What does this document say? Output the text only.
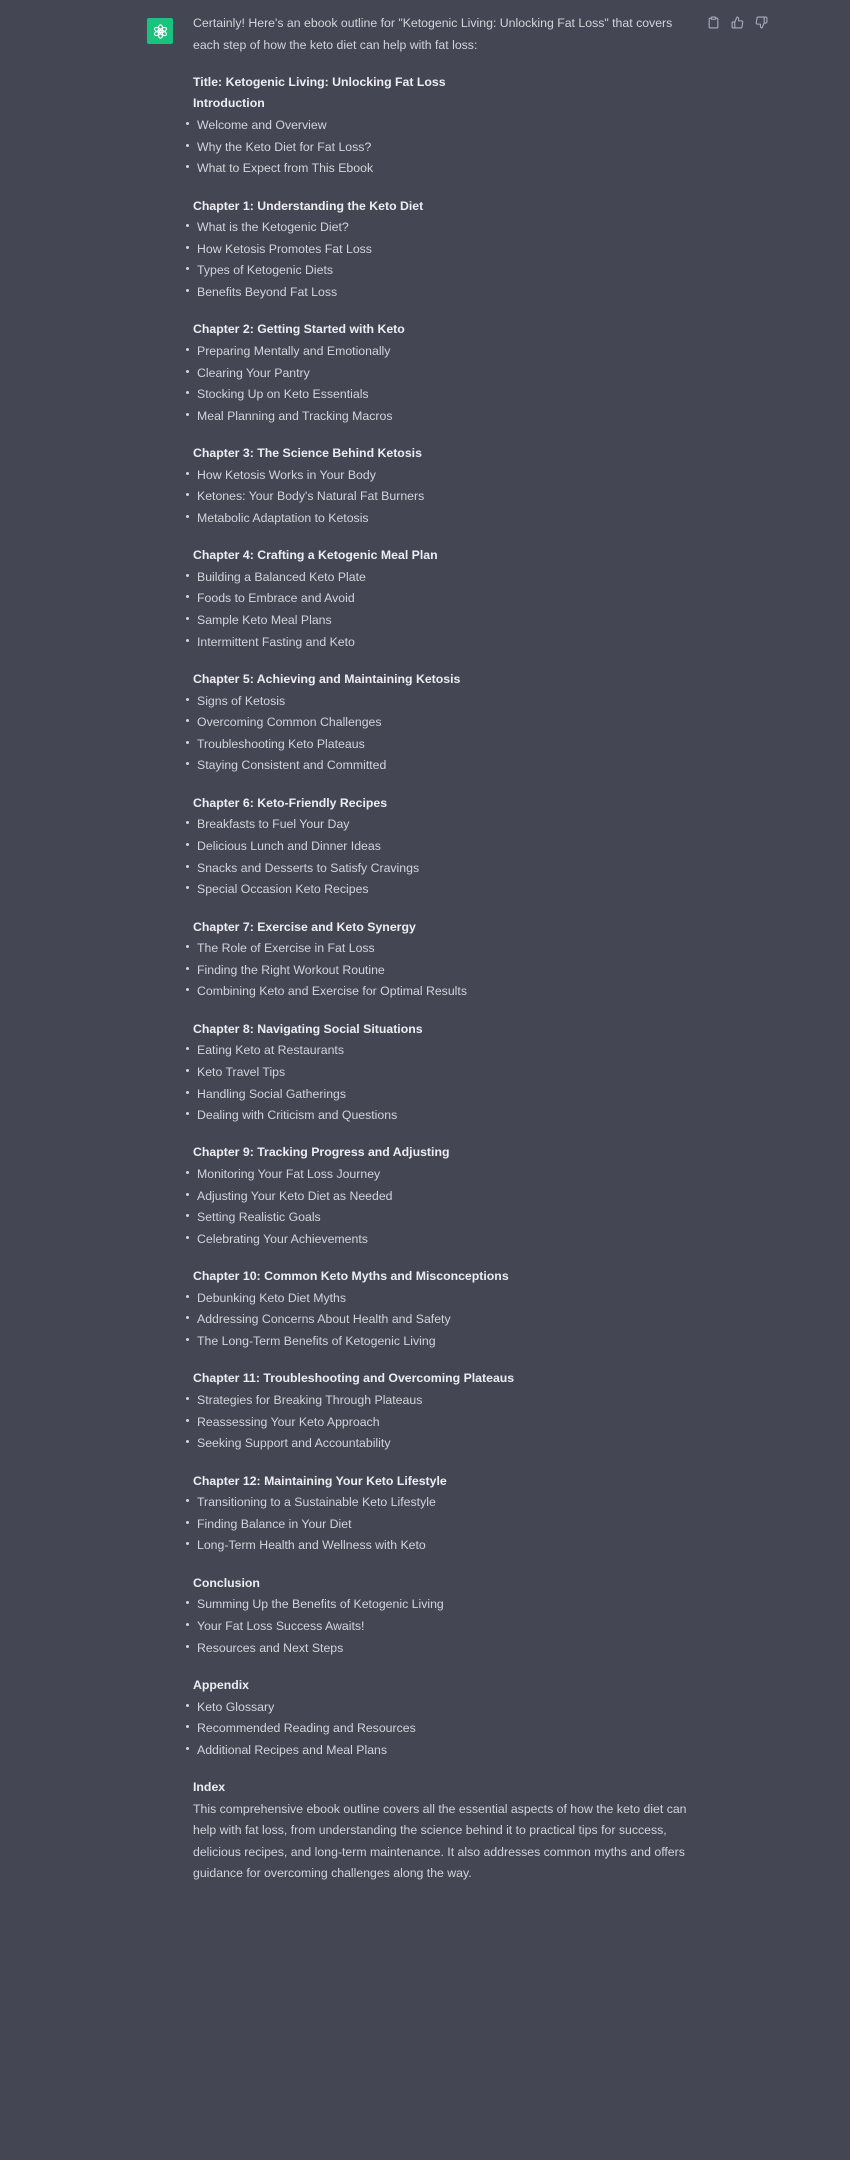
Certainly! Here's an ebook outline for "Ketogenic Living: Unlocking Fat Loss" that covers each step of how the keto diet can help with fat loss:

Title: Ketogenic Living: Unlocking Fat Loss

Introduction

Welcome and Overview
Why the Keto Diet for Fat Loss?
What to Expect from This Ebook

Chapter 1: Understanding the Keto Diet

What is the Ketogenic Diet?
How Ketosis Promotes Fat Loss
Types of Ketogenic Diets
Benefits Beyond Fat Loss

Chapter 2: Getting Started with Keto

Preparing Mentally and Emotionally
Clearing Your Pantry
Stocking Up on Keto Essentials
Meal Planning and Tracking Macros

Chapter 3: The Science Behind Ketosis

How Ketosis Works in Your Body
Ketones: Your Body's Natural Fat Burners
Metabolic Adaptation to Ketosis

Chapter 4: Crafting a Ketogenic Meal Plan

Building a Balanced Keto Plate
Foods to Embrace and Avoid
Sample Keto Meal Plans
Intermittent Fasting and Keto

Chapter 5: Achieving and Maintaining Ketosis

Signs of Ketosis
Overcoming Common Challenges
Troubleshooting Keto Plateaus
Staying Consistent and Committed

Chapter 6: Keto-Friendly Recipes

Breakfasts to Fuel Your Day
Delicious Lunch and Dinner Ideas
Snacks and Desserts to Satisfy Cravings
Special Occasion Keto Recipes

Chapter 7: Exercise and Keto Synergy

The Role of Exercise in Fat Loss
Finding the Right Workout Routine
Combining Keto and Exercise for Optimal Results

Chapter 8: Navigating Social Situations

Eating Keto at Restaurants
Keto Travel Tips
Handling Social Gatherings
Dealing with Criticism and Questions

Chapter 9: Tracking Progress and Adjusting

Monitoring Your Fat Loss Journey
Adjusting Your Keto Diet as Needed
Setting Realistic Goals
Celebrating Your Achievements

Chapter 10: Common Keto Myths and Misconceptions

Debunking Keto Diet Myths
Addressing Concerns About Health and Safety
The Long-Term Benefits of Ketogenic Living

Chapter 11: Troubleshooting and Overcoming Plateaus

Strategies for Breaking Through Plateaus
Reassessing Your Keto Approach
Seeking Support and Accountability

Chapter 12: Maintaining Your Keto Lifestyle

Transitioning to a Sustainable Keto Lifestyle
Finding Balance in Your Diet
Long-Term Health and Wellness with Keto

Conclusion

Summing Up the Benefits of Ketogenic Living
Your Fat Loss Success Awaits!
Resources and Next Steps

Appendix

Keto Glossary
Recommended Reading and Resources
Additional Recipes and Meal Plans

Index

This comprehensive ebook outline covers all the essential aspects of how the keto diet can help with fat loss, from understanding the science behind it to practical tips for success, delicious recipes, and long-term maintenance. It also addresses common myths and offers guidance for overcoming challenges along the way.
